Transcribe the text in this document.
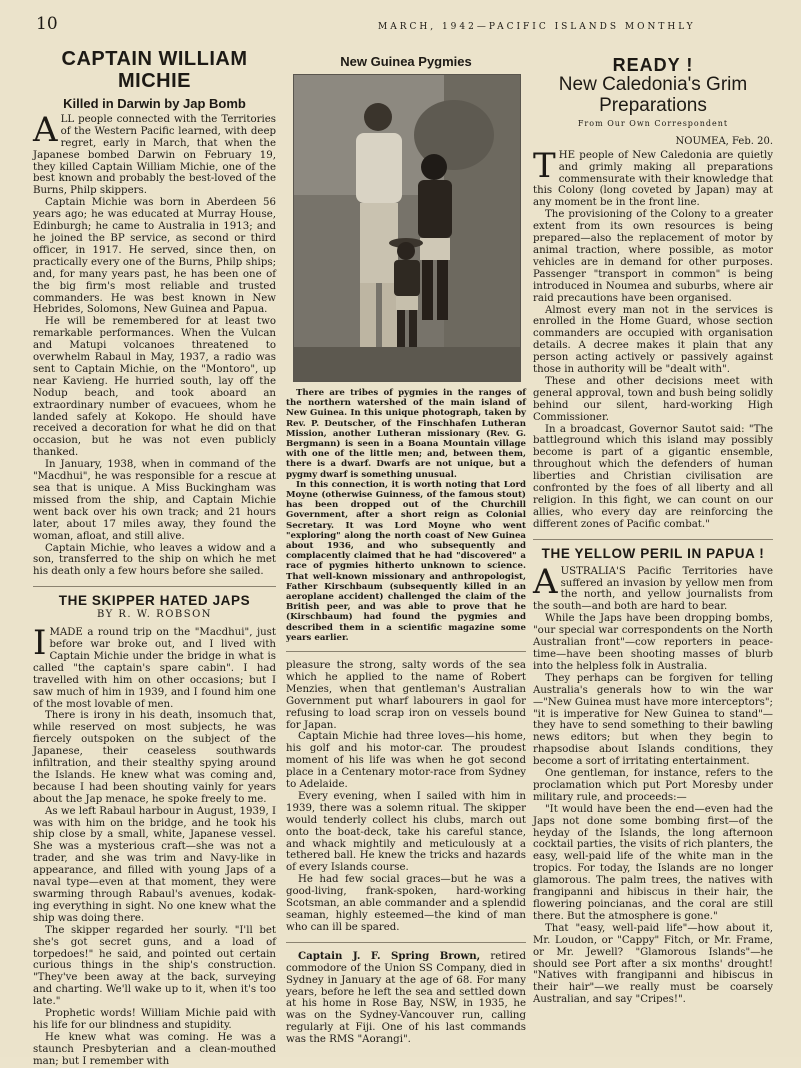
10	MARCH, 1942—PACIFIC ISLANDS MONTHLY
CAPTAIN WILLIAM MICHIE
Killed in Darwin by Jap Bomb

ALL people connected with the Territories of the Western Pacific learned, with deep regret, early in March, that when the Japanese bombed Darwin on February 19, they killed Captain William Michie, one of the best known and probably the best-loved of the Burns, Philp skippers.

Captain Michie was born in Aberdeen 56 years ago; he was educated at Murray House, Edinburgh; he came to Australia in 1913; and he joined the BP service, as second or third officer, in 1917. He served, since then, on practically every one of the Burns, Philp ships; and, for many years past, he has been one of the big firm's most reliable and trusted commanders. He was best known in New Hebrides, Solomons, New Guinea and Papua.

He will be remembered for at least two remarkable performances. When the Vulcan and Matupi volcanoes threatened to overwhelm Rabaul in May, 1937, a radio was sent to Captain Michie, on the "Montoro", up near Kavieng. He hurried south, lay off the Nodup beach, and took aboard an extraordinary number of evacuees, whom he landed safely at Kokopo. He should have received a decoration for what he did on that occasion, but he was not even publicly thanked.

In January, 1938, when in command of the "Macdhui", he was responsible for a rescue at sea that is unique. A Miss Buckingham was missed from the ship, and Captain Michie went back over his own track; and 21 hours later, about 17 miles away, they found the woman, afloat, and still alive.

Captain Michie, who leaves a widow and a son, transferred to the ship on which he met his death only a few hours before she sailed.

THE SKIPPER HATED JAPS
BY R. W. ROBSON

IMADE a round trip on the "Macdhui", just before war broke out, and I lived with Captain Michie under the bridge in what is called "the captain's spare cabin". I had travelled with him on other occasions; but I saw much of him in 1939, and I found him one of the most lovable of men.

There is irony in his death, insomuch that, while reserved on most subjects, he was fiercely outspoken on the subject of the Japanese, their ceaseless southwards infiltration, and their stealthy spying around the Islands. He knew what was coming and, because I had been shouting vainly for years about the Jap menace, he spoke freely to me.

As we left Rabaul harbour in August, 1939, I was with him on the bridge, and he took his ship close by a small, white, Japanese vessel. She was a mysterious craft—she was not a trader, and she was trim and Navy-like in appearance, and filled with young Japs of a naval type—even at that moment, they were swarming through Rabaul's avenues, kodak-ing everything in sight. No one knew what the ship was doing there.

The skipper regarded her sourly. "I'll bet she's got secret guns, and a load of torpedoes!" he said, and pointed out certain curious things in the ship's construction. "They've been away at the back, surveying and charting. We'll wake up to it, when it's too late."

Prophetic words! William Michie paid with his life for our blindness and stupidity.

He knew what was coming. He was a staunch Presbyterian and a clean-mouthed man; but I remember with

New Guinea Pygmies

There are tribes of pygmies in the ranges of the northern watershed of the main island of New Guinea. In this unique photograph, taken by Rev. P. Deutscher, of the Finschhafen Lutheran Mission, another Lutheran missionary (Rev. G. Bergmann) is seen in a Boana Mountain village with one of the little men; and, between them, there is a dwarf. Dwarfs are not unique, but a pygmy dwarf is something unusual.

In this connection, it is worth noting that Lord Moyne (otherwise Guinness, of the famous stout) has been dropped out of the Churchill Government, after a short reign as Colonial Secretary. It was Lord Moyne who went "exploring" along the north coast of New Guinea about 1936, and who subsequently and complacently claimed that he had "discovered" a race of pygmies hitherto unknown to science. That well-known missionary and anthropologist, Father Kirschbaum (subsequently killed in an aeroplane accident) challenged the claim of the British peer, and was able to prove that he (Kirschbaum) had found the pygmies and described them in a scientific magazine some years earlier.

pleasure the strong, salty words of the sea which he applied to the name of Robert Menzies, when that gentleman's Australian Government put wharf labourers in gaol for refusing to load scrap iron on vessels bound for Japan.

Captain Michie had three loves—his home, his golf and his motor-car. The proudest moment of his life was when he got second place in a Centenary motor-race from Sydney to Adelaide.

Every evening, when I sailed with him in 1939, there was a solemn ritual. The skipper would tenderly collect his clubs, march out onto the boat-deck, take his careful stance, and whack mightily and meticulously at a tethered ball. He knew the tricks and hazards of every Islands course.

He had few social graces—but he was a good-living, frank-spoken, hard-working Scotsman, an able commander and a splendid seaman, highly esteemed—the kind of man who can ill be spared.

Captain J. F. Spring Brown, retired commodore of the Union SS Company, died in Sydney in January at the age of 68. For many years, before he left the sea and settled down at his home in Rose Bay, NSW, in 1935, he was on the Sydney-Vancouver run, calling regularly at Fiji. One of his last commands was the RMS "Aorangi".

READY !
New Caledonia's Grim Preparations
From Our Own Correspondent
NOUMEA, Feb. 20.

THE people of New Caledonia are quietly and grimly making all preparations commensurate with their knowledge that this Colony (long coveted by Japan) may at any moment be in the front line.

The provisioning of the Colony to a greater extent from its own resources is being prepared—also the replacement of motor by animal traction, where possible, as motor vehicles are in demand for other purposes. Passenger "transport in common" is being introduced in Noumea and suburbs, where air raid precautions have been organised.

Almost every man not in the services is enrolled in the Home Guard, whose section commanders are occupied with organisation details. A decree makes it plain that any person acting actively or passively against those in authority will be "dealt with".

These and other decisions meet with general approval, town and bush being solidly behind our silent, hard-working High Commissioner.

In a broadcast, Governor Sautot said: "The battleground which this island may possibly become is part of a gigantic ensemble, throughout which the defenders of human liberties and Christian civilisation are confronted by the foes of all liberty and all religion. In this fight, we can count on our allies, who every day are reinforcing the different zones of Pacific combat."

THE YELLOW PERIL IN PAPUA !

AUSTRALIA'S Pacific Territories have suffered an invasion by yellow men from the north, and yellow journalists from the south—and both are hard to bear.

While the Japs have been dropping bombs, "our special war correspondents on the North Australian front"—cow reporters in peace-time—have been shooting masses of blurb into the helpless folk in Australia.

They perhaps can be forgiven for telling Australia's generals how to win the war—"New Guinea must have more interceptors"; "it is imperative for New Guinea to stand"—they have to send something to their bawling news editors; but when they begin to rhapsodise about Islands conditions, they become a sort of irritating entertainment.

One gentleman, for instance, refers to the proclamation which put Port Moresby under military rule, and proceeds:—

"It would have been the end—even had the Japs not done some bombing first—of the heyday of the Islands, the long afternoon cocktail parties, the visits of rich planters, the easy, well-paid life of the white man in the tropics. For today, the Islands are no longer glamorous. The palm trees, the natives with frangipanni and hibiscus in their hair, the flowering poincianas, and the coral are still there. But the atmosphere is gone."

That "easy, well-paid life"—how about it, Mr. Loudon, or "Cappy" Fitch, or Mr. Frame, or Mr. Jewell? "Glamorous Islands"—he should see Port after a six months' drought! "Natives with frangipanni and hibiscus in their hair"—we really must be coarsely Australian, and say "Cripes!".
